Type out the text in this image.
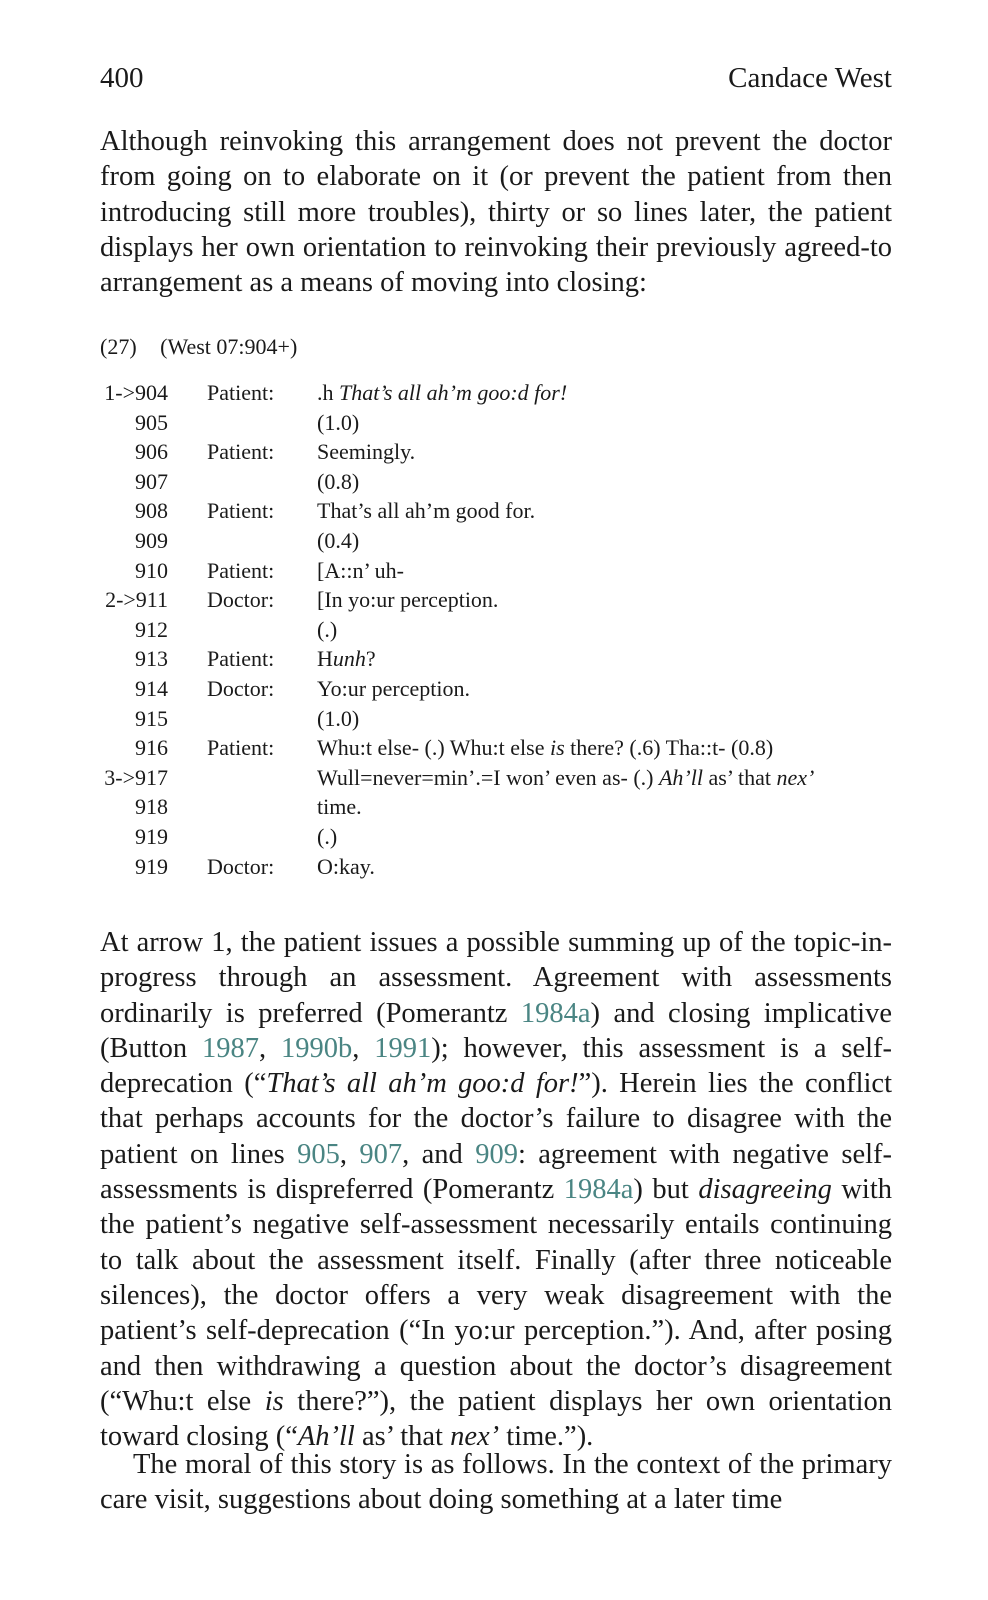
400	Candace West

Although reinvoking this arrangement does not prevent the doctor from going on to elaborate on it (or prevent the patient from then introducing still more troubles), thirty or so lines later, the patient displays her own orientation to reinvoking their previously agreed-to arrangement as a means of moving into closing:

(27) (West 07:904+)
1->904 Patient: .h That’s all ah’m goo:d for!
905	(1.0)
906 Patient: Seemingly.
907	(0.8)
908 Patient: That’s all ah’m good for.
909	(0.4)
910 Patient: [A::n’ uh-
2->911 Doctor: [In yo:ur perception.
912	(.)
913 Patient: Hunh?
914 Doctor: Yo:ur perception.
915	(1.0)
916 Patient: Whu:t else- (.) Whu:t else is there? (.6) Tha::t- (0.8)
3->917	Wull=never=min’.=I won’ even as- (.) Ah’ll as’ that nex’
918	time.
919	(.)
919 Doctor: O:kay.

At arrow 1, the patient issues a possible summing up of the topic-in-progress through an assessment. Agreement with assessments ordinarily is preferred (Pomerantz 1984a) and closing implicative (Button 1987, 1990b, 1991); however, this assessment is a self-deprecation (“That’s all ah’m goo:d for!”). Herein lies the conflict that perhaps accounts for the doctor’s failure to disagree with the patient on lines 905, 907, and 909: agreement with negative self-assessments is dispreferred (Pomerantz 1984a) but disagreeing with the patient’s negative self-assessment necessarily entails continuing to talk about the assessment itself. Finally (after three noticeable silences), the doctor offers a very weak disagreement with the patient’s self-deprecation (“In yo:ur perception.”). And, after posing and then withdrawing a question about the doctor’s disagreement (“Whu:t else is there?”), the patient displays her own orientation toward closing (“Ah’ll as’ that nex’ time.”).

The moral of this story is as follows. In the context of the primary care visit, suggestions about doing something at a later time
